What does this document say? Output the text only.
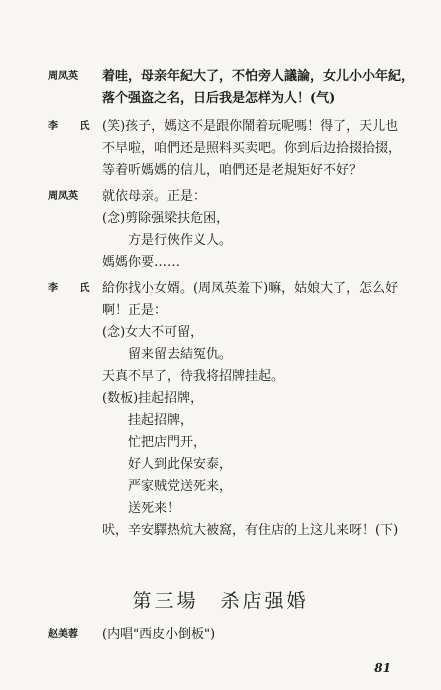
周凤英	着哇，母亲年紀大了，不怕旁人議論，女儿小小年紀，
落个强盗之名，日后我是怎样为人！(气)
李 氏 (笑)孩子，媽这不是跟你鬧着玩呢嗎！得了，天儿也
不早啦，咱們还是照料买卖吧。你到后边拾掇拾掇，
等着听媽媽的信儿，咱們还是老規矩好不好？
周凤英	就依母亲。正是：
(念)剪除强梁扶危困，
方是行俠作义人。
媽媽你要……
李 氏 給你找小女婿。(周凤英羞下)嘛，姑娘大了，怎么好
啊！正是：
(念)女大不可留，
留来留去結冤仇。
天真不早了，待我将招牌挂起。
(数板)挂起招牌，
挂起招牌，
忙把店門开，
好人到此保安泰，
严家贼党送死来，
送死来！
吠，辛安驛热炕大被窩，有住店的上这儿来呀！(下)
第三場　杀店强婚
赵美蓉	(内唱"西皮小倒板")
81
